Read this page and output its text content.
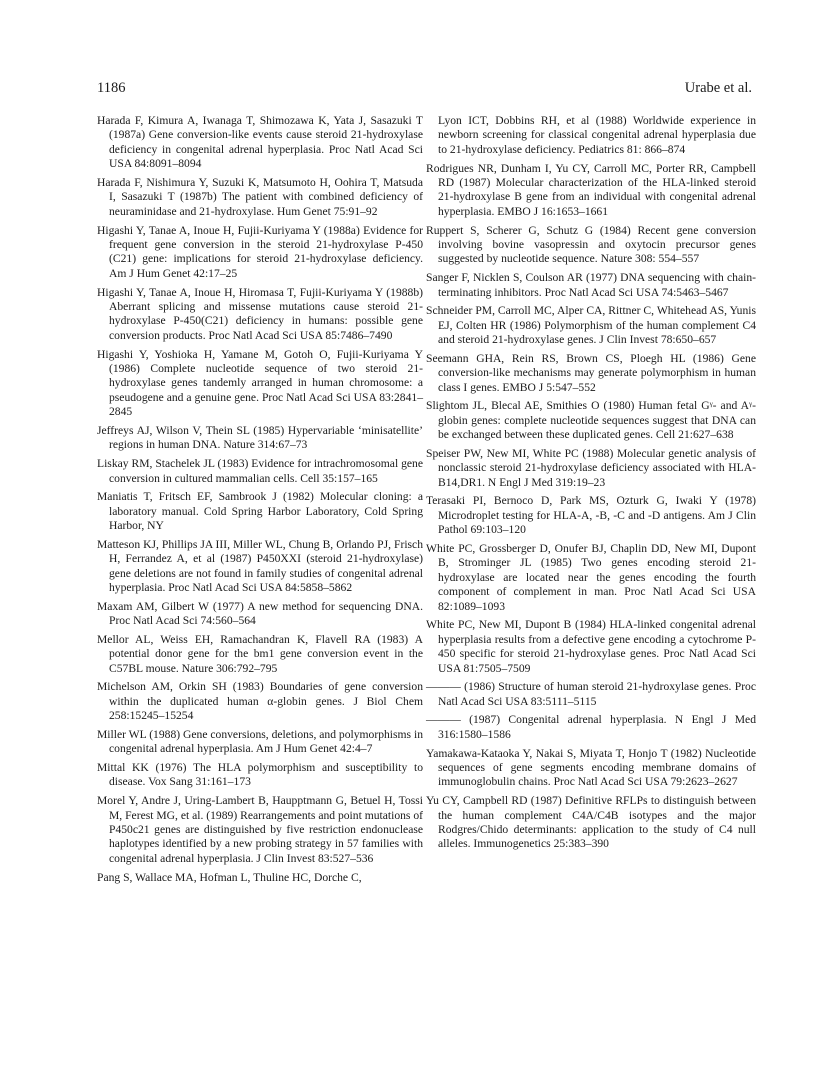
1186	Urabe et al.

Harada F, Kimura A, Iwanaga T, Shimozawa K, Yata J, Sasazuki T (1987a) Gene conversion-like events cause steroid 21-hydroxylase deficiency in congenital adrenal hyperplasia. Proc Natl Acad Sci USA 84:8091–8094

Harada F, Nishimura Y, Suzuki K, Matsumoto H, Oohira T, Matsuda I, Sasazuki T (1987b) The patient with combined deficiency of neuraminidase and 21-hydroxylase. Hum Genet 75:91–92

Higashi Y, Tanae A, Inoue H, Fujii-Kuriyama Y (1988a) Evidence for frequent gene conversion in the steroid 21-hydroxylase P-450 (C21) gene: implications for steroid 21-hydroxylase deficiency. Am J Hum Genet 42:17–25

Higashi Y, Tanae A, Inoue H, Hiromasa T, Fujii-Kuriyama Y (1988b) Aberrant splicing and missense mutations cause steroid 21-hydroxylase P-450(C21) deficiency in humans: possible gene conversion products. Proc Natl Acad Sci USA 85:7486–7490

Higashi Y, Yoshioka H, Yamane M, Gotoh O, Fujii-Kuriyama Y (1986) Complete nucleotide sequence of two steroid 21-hydroxylase genes tandemly arranged in human chromosome: a pseudogene and a genuine gene. Proc Natl Acad Sci USA 83:2841–2845

Jeffreys AJ, Wilson V, Thein SL (1985) Hypervariable ‘minisatellite’ regions in human DNA. Nature 314:67–73

Liskay RM, Stachelek JL (1983) Evidence for intrachromosomal gene conversion in cultured mammalian cells. Cell 35:157–165

Maniatis T, Fritsch EF, Sambrook J (1982) Molecular cloning: a laboratory manual. Cold Spring Harbor Laboratory, Cold Spring Harbor, NY

Matteson KJ, Phillips JA III, Miller WL, Chung B, Orlando PJ, Frisch H, Ferrandez A, et al (1987) P450XXI (steroid 21-hydroxylase) gene deletions are not found in family studies of congenital adrenal hyperplasia. Proc Natl Acad Sci USA 84:5858–5862

Maxam AM, Gilbert W (1977) A new method for sequencing DNA. Proc Natl Acad Sci 74:560–564

Mellor AL, Weiss EH, Ramachandran K, Flavell RA (1983) A potential donor gene for the bm1 gene conversion event in the C57BL mouse. Nature 306:792–795

Michelson AM, Orkin SH (1983) Boundaries of gene conversion within the duplicated human α-globin genes. J Biol Chem 258:15245–15254

Miller WL (1988) Gene conversions, deletions, and polymorphisms in congenital adrenal hyperplasia. Am J Hum Genet 42:4–7

Mittal KK (1976) The HLA polymorphism and susceptibility to disease. Vox Sang 31:161–173

Morel Y, Andre J, Uring-Lambert B, Haupptmann G, Betuel H, Tossi M, Ferest MG, et al. (1989) Rearrangements and point mutations of P450c21 genes are distinguished by five restriction endonuclease haplotypes identified by a new probing strategy in 57 families with congenital adrenal hyperplasia. J Clin Invest 83:527–536

Pang S, Wallace MA, Hofman L, Thuline HC, Dorche C,

Lyon ICT, Dobbins RH, et al (1988) Worldwide experience in newborn screening for classical congenital adrenal hyperplasia due to 21-hydroxylase deficiency. Pediatrics 81: 866–874

Rodrigues NR, Dunham I, Yu CY, Carroll MC, Porter RR, Campbell RD (1987) Molecular characterization of the HLA-linked steroid 21-hydroxylase B gene from an individual with congenital adrenal hyperplasia. EMBO J 16:1653–1661

Ruppert S, Scherer G, Schutz G (1984) Recent gene conversion involving bovine vasopressin and oxytocin precursor genes suggested by nucleotide sequence. Nature 308: 554–557

Sanger F, Nicklen S, Coulson AR (1977) DNA sequencing with chain-terminating inhibitors. Proc Natl Acad Sci USA 74:5463–5467

Schneider PM, Carroll MC, Alper CA, Rittner C, Whitehead AS, Yunis EJ, Colten HR (1986) Polymorphism of the human complement C4 and steroid 21-hydroxylase genes. J Clin Invest 78:650–657

Seemann GHA, Rein RS, Brown CS, Ploegh HL (1986) Gene conversion-like mechanisms may generate polymorphism in human class I genes. EMBO J 5:547–552

Slightom JL, Blecal AE, Smithies O (1980) Human fetal Gᵞ- and Aᵞ-globin genes: complete nucleotide sequences suggest that DNA can be exchanged between these duplicated genes. Cell 21:627–638

Speiser PW, New MI, White PC (1988) Molecular genetic analysis of nonclassic steroid 21-hydroxylase deficiency associated with HLA-B14,DR1. N Engl J Med 319:19–23

Terasaki PI, Bernoco D, Park MS, Ozturk G, Iwaki Y (1978) Microdroplet testing for HLA-A, -B, -C and -D antigens. Am J Clin Pathol 69:103–120

White PC, Grossberger D, Onufer BJ, Chaplin DD, New MI, Dupont B, Strominger JL (1985) Two genes encoding steroid 21-hydroxylase are located near the genes encoding the fourth component of complement in man. Proc Natl Acad Sci USA 82:1089–1093

White PC, New MI, Dupont B (1984) HLA-linked congenital adrenal hyperplasia results from a defective gene encoding a cytochrome P-450 specific for steroid 21-hydroxylase genes. Proc Natl Acad Sci USA 81:7505–7509

——— (1986) Structure of human steroid 21-hydroxylase genes. Proc Natl Acad Sci USA 83:5111–5115

——— (1987) Congenital adrenal hyperplasia. N Engl J Med 316:1580–1586

Yamakawa-Kataoka Y, Nakai S, Miyata T, Honjo T (1982) Nucleotide sequences of gene segments encoding membrane domains of immunoglobulin chains. Proc Natl Acad Sci USA 79:2623–2627

Yu CY, Campbell RD (1987) Definitive RFLPs to distinguish between the human complement C4A/C4B isotypes and the major Rodgres/Chido determinants: application to the study of C4 null alleles. Immunogenetics 25:383–390
